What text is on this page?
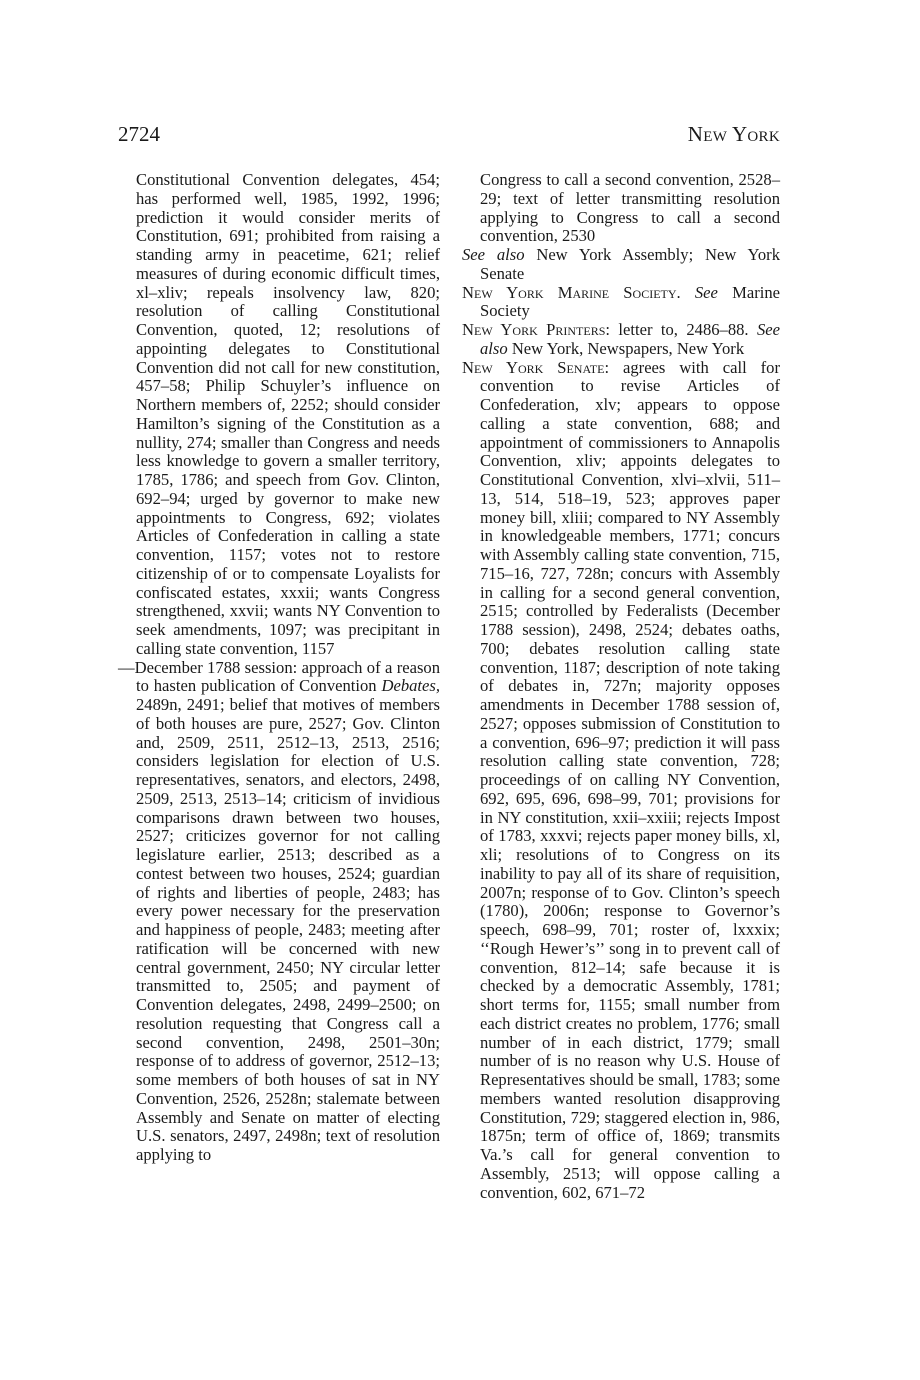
2724	New York
Constitutional Convention delegates, 454; has performed well, 1985, 1992, 1996; prediction it would consider merits of Constitution, 691; prohibited from raising a standing army in peacetime, 621; relief measures of during economic difficult times, xl–xliv; repeals insolvency law, 820; resolution of calling Constitutional Convention, quoted, 12; resolutions of appointing delegates to Constitutional Convention did not call for new constitution, 457–58; Philip Schuyler’s influence on Northern members of, 2252; should consider Hamilton’s signing of the Constitution as a nullity, 274; smaller than Congress and needs less knowledge to govern a smaller territory, 1785, 1786; and speech from Gov. Clinton, 692–94; urged by governor to make new appointments to Congress, 692; violates Articles of Confederation in calling a state convention, 1157; votes not to restore citizenship of or to compensate Loyalists for confiscated estates, xxxii; wants Congress strengthened, xxvii; wants NY Convention to seek amendments, 1097; was precipitant in calling state convention, 1157
—December 1788 session: approach of a reason to hasten publication of Convention Debates, 2489n, 2491; belief that motives of members of both houses are pure, 2527; Gov. Clinton and, 2509, 2511, 2512–13, 2513, 2516; considers legislation for election of U.S. representatives, senators, and electors, 2498, 2509, 2513, 2513–14; criticism of invidious comparisons drawn between two houses, 2527; criticizes governor for not calling legislature earlier, 2513; described as a contest between two houses, 2524; guardian of rights and liberties of people, 2483; has every power necessary for the preservation and happiness of people, 2483; meeting after ratification will be concerned with new central government, 2450; NY circular letter transmitted to, 2505; and payment of Convention delegates, 2498, 2499–2500; on resolution requesting that Congress call a second convention, 2498, 2501–30n; response of to address of governor, 2512–13; some members of both houses of sat in NY Convention, 2526, 2528n; stalemate between Assembly and Senate on matter of electing U.S. senators, 2497, 2498n; text of resolution applying to
Congress to call a second convention, 2528–29; text of letter transmitting resolution applying to Congress to call a second convention, 2530
See also New York Assembly; New York Senate
New York Marine Society. See Marine Society
New York Printers: letter to, 2486–88. See also New York, Newspapers, New York
New York Senate: agrees with call for convention to revise Articles of Confederation, xlv; appears to oppose calling a state convention, 688; and appointment of commissioners to Annapolis Convention, xliv; appoints delegates to Constitutional Convention, xlvi–xlvii, 511–13, 514, 518–19, 523; approves paper money bill, xliii; compared to NY Assembly in knowledgeable members, 1771; concurs with Assembly calling state convention, 715, 715–16, 727, 728n; concurs with Assembly in calling for a second general convention, 2515; controlled by Federalists (December 1788 session), 2498, 2524; debates oaths, 700; debates resolution calling state convention, 1187; description of note taking of debates in, 727n; majority opposes amendments in December 1788 session of, 2527; opposes submission of Constitution to a convention, 696–97; prediction it will pass resolution calling state convention, 728; proceedings of on calling NY Convention, 692, 695, 696, 698–99, 701; provisions for in NY constitution, xxii–xxiii; rejects Impost of 1783, xxxvi; rejects paper money bills, xl, xli; resolutions of to Congress on its inability to pay all of its share of requisition, 2007n; response of to Gov. Clinton’s speech (1780), 2006n; response to Governor’s speech, 698–99, 701; roster of, lxxxix; ‘‘Rough Hewer’s’’ song in to prevent call of convention, 812–14; safe because it is checked by a democratic Assembly, 1781; short terms for, 1155; small number from each district creates no problem, 1776; small number of in each district, 1779; small number of is no reason why U.S. House of Representatives should be small, 1783; some members wanted resolution disapproving Constitution, 729; staggered election in, 986, 1875n; term of office of, 1869; transmits Va.’s call for general convention to Assembly, 2513; will oppose calling a convention, 602, 671–72
